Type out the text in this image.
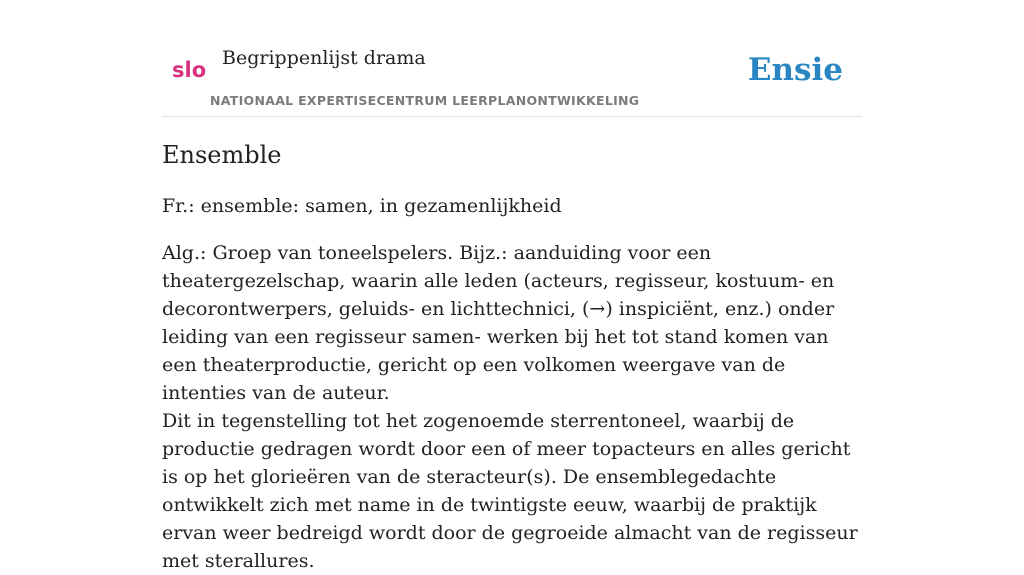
slo Begrippenlijst drama
NATIONAAL EXPERTISECENTRUM LEERPLANONTWIKKELING
Ensie
Ensemble

Fr.: ensemble: samen, in gezamenlijkheid

Alg.: Groep van toneelspelers. Bijz.: aanduiding voor een theatergezelschap, waarin alle leden (acteurs, regisseur, kostuum- en decorontwerpers, geluids- en lichttechnici, (→) inspiciënt, enz.) onder leiding van een regisseur samen- werken bij het tot stand komen van een theaterproductie, gericht op een volkomen weergave van de intenties van de auteur.
Dit in tegenstelling tot het zogenoemde sterrentoneel, waarbij de productie gedragen wordt door een of meer topacteurs en alles gericht is op het glorieëren van de steracteur(s). De ensemblegedachte ontwikkelt zich met name in de twintigste eeuw, waarbij de praktijk ervan weer bedreigd wordt door de gegroeide almacht van de regisseur met sterallures.
